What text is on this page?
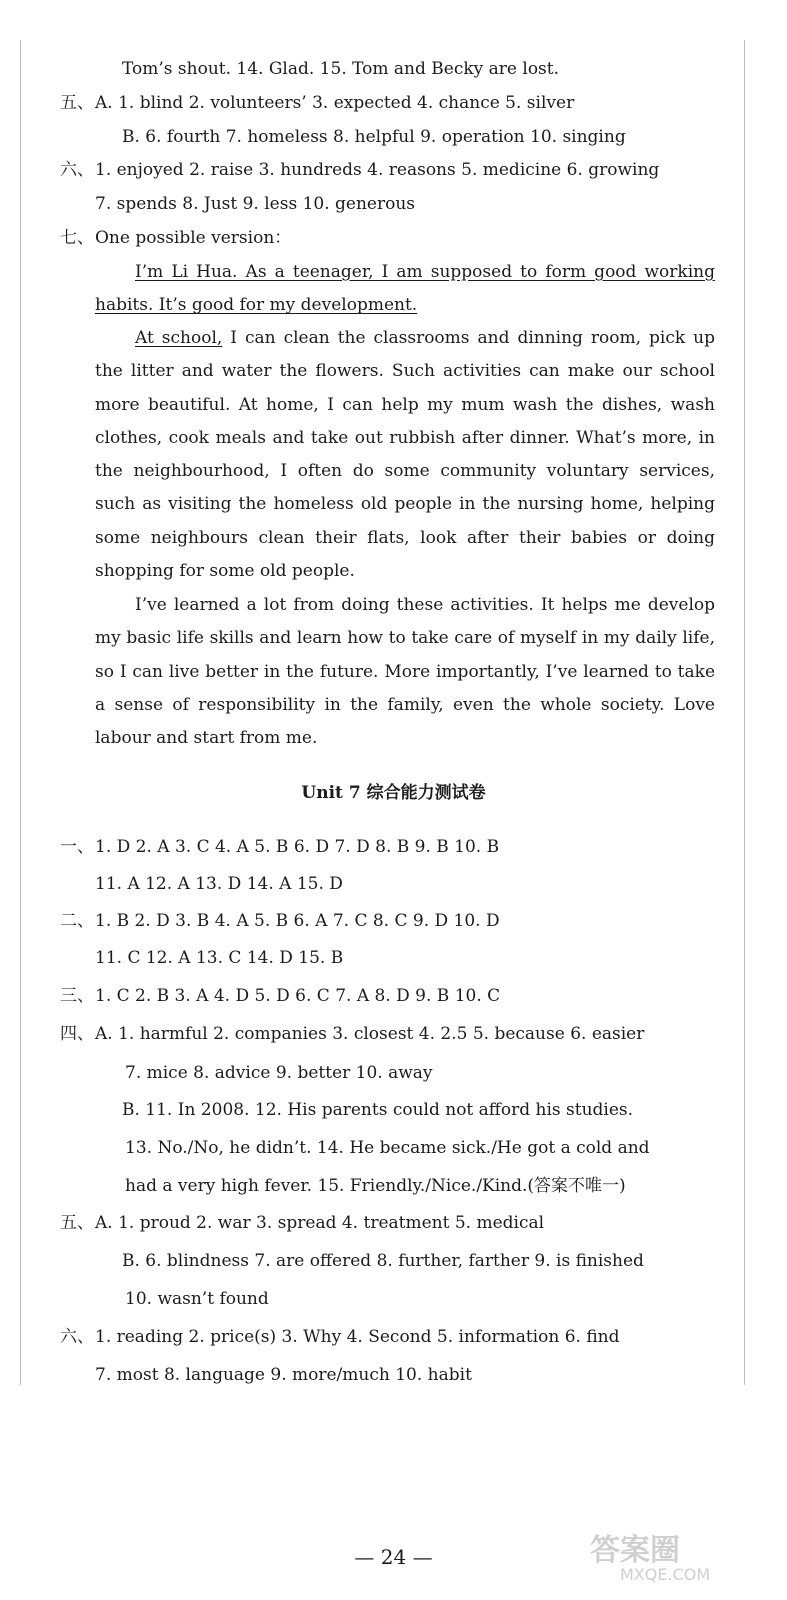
Tom’s shout. 14. Glad. 15. Tom and Becky are lost.
五、 A. 1. blind 2. volunteers’ 3. expected 4. chance 5. silver
B. 6. fourth 7. homeless 8. helpful 9. operation 10. singing
六、 1. enjoyed 2. raise 3. hundreds 4. reasons 5. medicine 6. growing
7. spends 8. Just 9. less 10. generous
七、 One possible version：
I’m Li Hua. As a teenager, I am supposed to form good working habits. It’s good for my development.
At school, I can clean the classrooms and dinning room, pick up the litter and water the flowers. Such activities can make our school more beautiful. At home, I can help my mum wash the dishes, wash clothes, cook meals and take out rubbish after dinner. What’s more, in the neighbourhood, I often do some community voluntary services, such as visiting the homeless old people in the nursing home, helping some neighbours clean their flats, look after their babies or doing shopping for some old people.
I’ve learned a lot from doing these activities. It helps me develop my basic life skills and learn how to take care of myself in my daily life, so I can live better in the future. More importantly, I’ve learned to take a sense of responsibility in the family, even the whole society. Love labour and start from me.
Unit 7 综合能力测试卷
一、 1. D 2. A 3. C 4. A 5. B 6. D 7. D 8. B 9. B 10. B
11. A 12. A 13. D 14. A 15. D
二、 1. B 2. D 3. B 4. A 5. B 6. A 7. C 8. C 9. D 10. D
11. C 12. A 13. C 14. D 15. B
三、 1. C 2. B 3. A 4. D 5. D 6. C 7. A 8. D 9. B 10. C
四、 A. 1. harmful 2. companies 3. closest 4. 2.5 5. because 6. easier
7. mice 8. advice 9. better 10. away
B. 11. In 2008. 12. His parents could not afford his studies.
13. No./No, he didn’t. 14. He became sick./He got a cold and
had a very high fever. 15. Friendly./Nice./Kind.(答案不唯一)
五、 A. 1. proud 2. war 3. spread 4. treatment 5. medical
B. 6. blindness 7. are offered 8. further, farther 9. is finished
10. wasn’t found
六、 1. reading 2. price(s) 3. Why 4. Second 5. information 6. find
7. most 8. language 9. more/much 10. habit
— 24 —	答案圈
MXQE.COM
